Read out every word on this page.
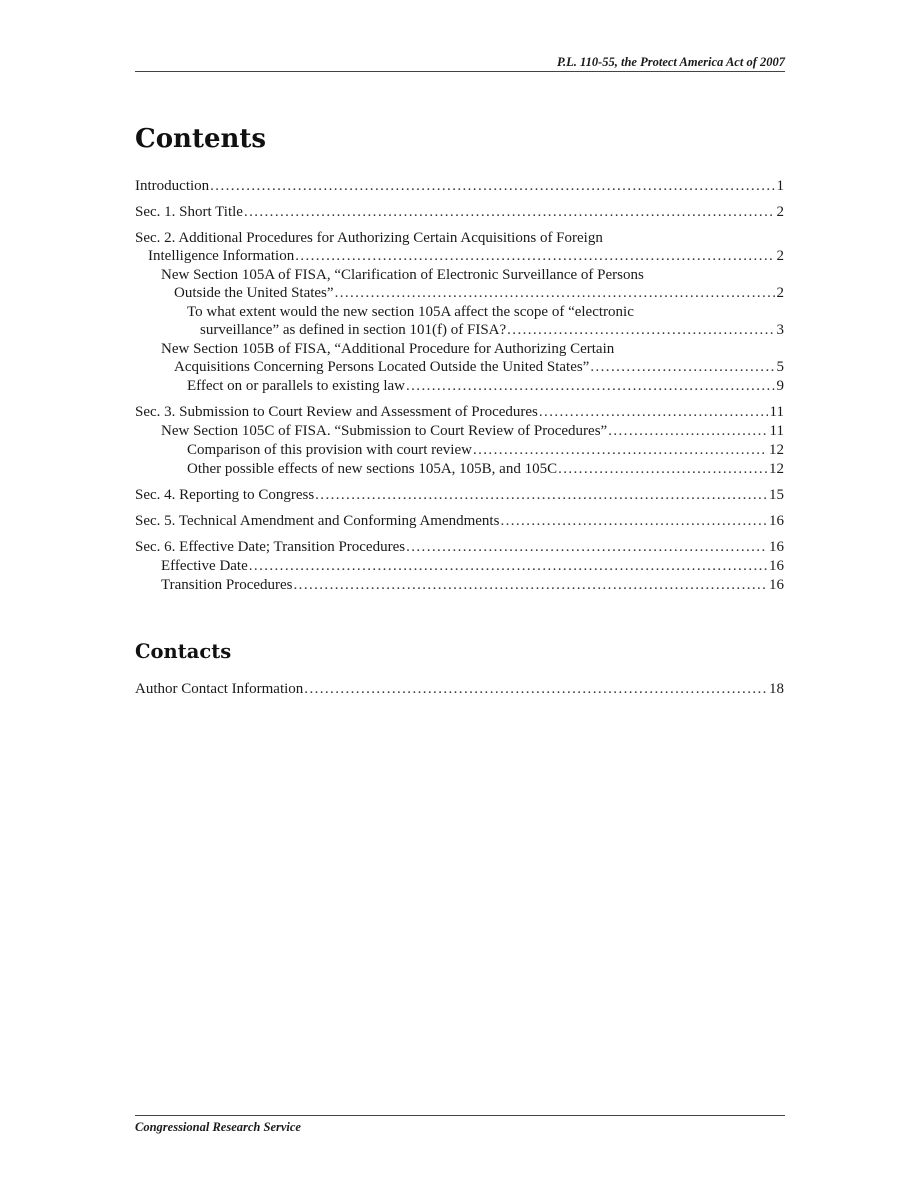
P.L. 110-55, the Protect America Act of 2007
Contents
Introduction .....	1
Sec. 1. Short Title .....	2
Sec. 2. Additional Procedures for Authorizing Certain Acquisitions of Foreign
Intelligence Information .....	2
New Section 105A of FISA, “Clarification of Electronic Surveillance of Persons
Outside the United States” .....	2
To what extent would the new section 105A affect the scope of “electronic
surveillance” as defined in section 101(f) of FISA? .....	3
New Section 105B of FISA, “Additional Procedure for Authorizing Certain
Acquisitions Concerning Persons Located Outside the United States” .....	5
Effect on or parallels to existing law .....	9
Sec. 3. Submission to Court Review and Assessment of Procedures .....	11
New Section 105C of FISA. “Submission to Court Review of Procedures” .....	11
Comparison of this provision with court review .....	12
Other possible effects of new sections 105A, 105B, and 105C .....	12
Sec. 4. Reporting to Congress .....	15
Sec. 5. Technical Amendment and Conforming Amendments .....	16
Sec. 6. Effective Date; Transition Procedures .....	16
Effective Date .....	16
Transition Procedures .....	16
Contacts
Author Contact Information .....	18
Congressional Research Service
